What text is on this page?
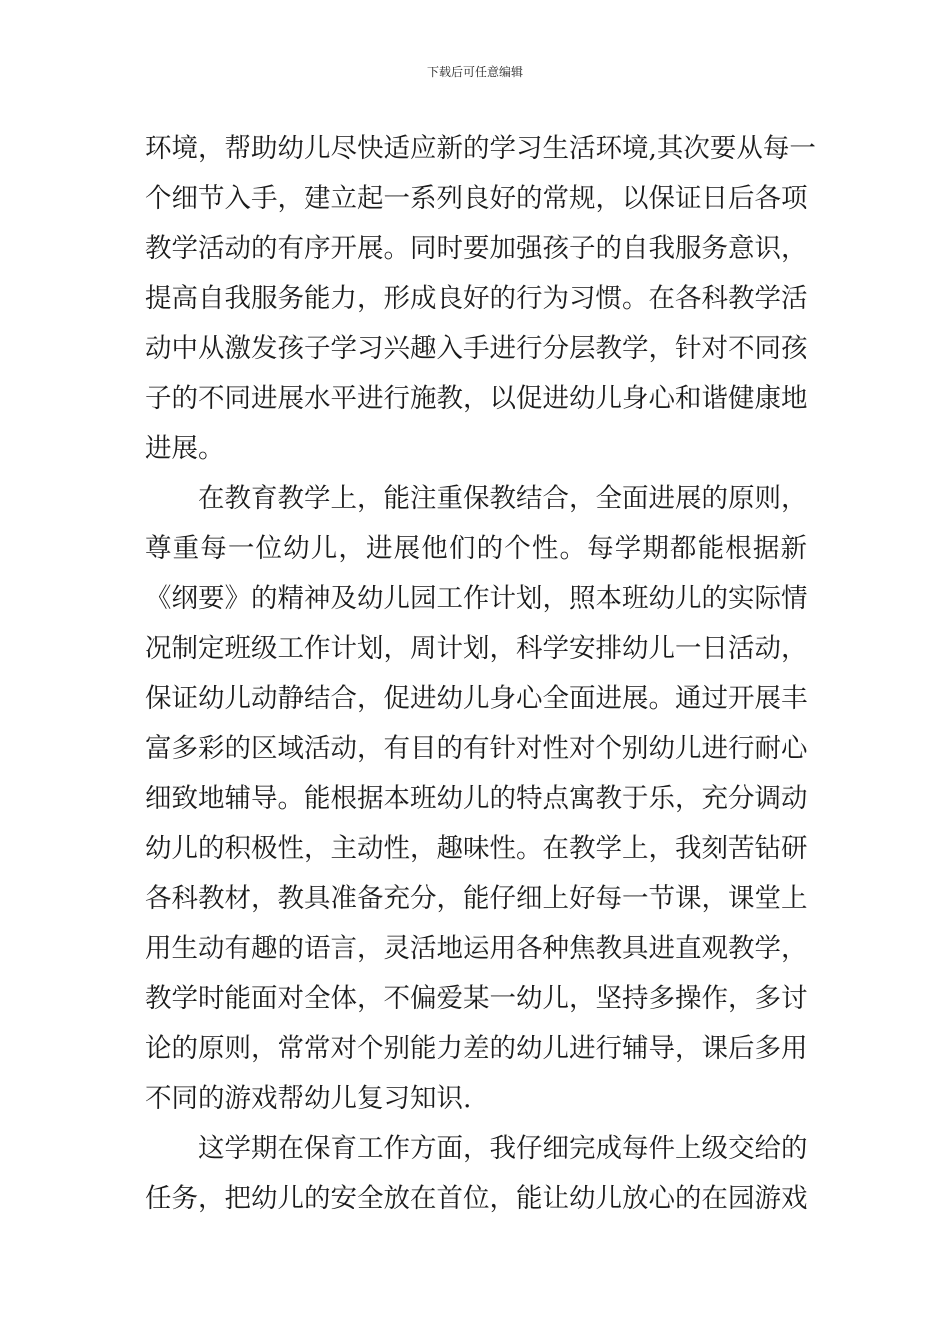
下载后可任意编辑
环境，帮助幼儿尽快适应新的学习生活环境,其次要从每一
个细节入手，建立起一系列良好的常规，以保证日后各项
教学活动的有序开展。同时要加强孩子的自我服务意识，
提高自我服务能力，形成良好的行为习惯。在各科教学活
动中从激发孩子学习兴趣入手进行分层教学，针对不同孩
子的不同进展水平进行施教，以促进幼儿身心和谐健康地
进展。
在教育教学上，能注重保教结合，全面进展的原则，
尊重每一位幼儿，进展他们的个性。每学期都能根据新
《纲要》的精神及幼儿园工作计划，照本班幼儿的实际情
况制定班级工作计划，周计划，科学安排幼儿一日活动，
保证幼儿动静结合，促进幼儿身心全面进展。通过开展丰
富多彩的区域活动，有目的有针对性对个别幼儿进行耐心
细致地辅导。能根据本班幼儿的特点寓教于乐，充分调动
幼儿的积极性，主动性，趣味性。在教学上，我刻苦钻研
各科教材，教具准备充分，能仔细上好每一节课，课堂上
用生动有趣的语言，灵活地运用各种焦教具进直观教学，
教学时能面对全体，不偏爱某一幼儿，坚持多操作，多讨
论的原则，常常对个别能力差的幼儿进行辅导，课后多用
不同的游戏帮幼儿复习知识.
这学期在保育工作方面，我仔细完成每件上级交给的
任务，把幼儿的安全放在首位，能让幼儿放心的在园游戏
